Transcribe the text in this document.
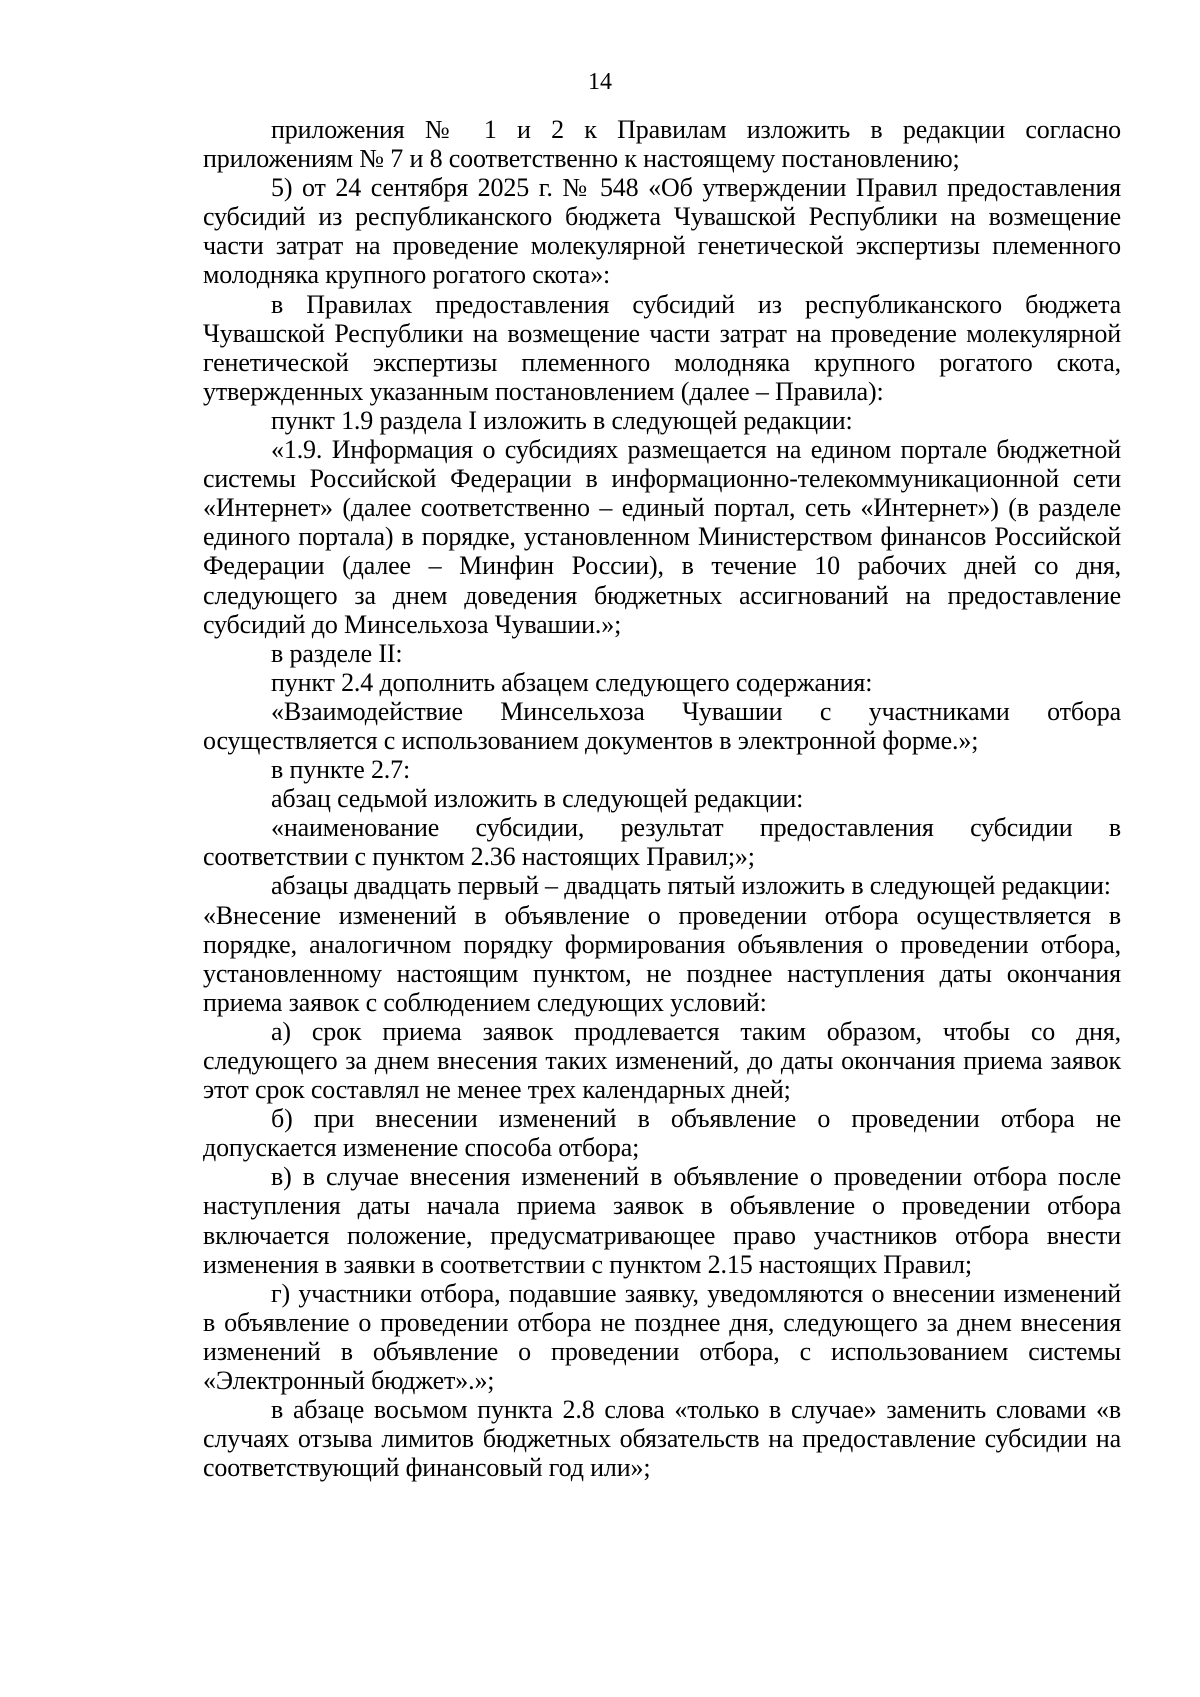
14

приложения № 1 и 2 к Правилам изложить в редакции согласно приложениям № 7 и 8 соответственно к настоящему постановлению;

5) от 24 сентября 2025 г. № 548 «Об утверждении Правил предоставления субсидий из республиканского бюджета Чувашской Республики на возмещение части затрат на проведение молекулярной генетической экспертизы племенного молодняка крупного рогатого скота»:

в Правилах предоставления субсидий из республиканского бюджета Чувашской Республики на возмещение части затрат на проведение молекулярной генетической экспертизы племенного молодняка крупного рогатого скота, утвержденных указанным постановлением (далее – Правила):

пункт 1.9 раздела I изложить в следующей редакции:

«1.9. Информация о субсидиях размещается на едином портале бюджетной системы Российской Федерации в информационно-телекоммуникационной сети «Интернет» (далее соответственно – единый портал, сеть «Интернет») (в разделе единого портала) в порядке, установленном Министерством финансов Российской Федерации (далее – Минфин России), в течение 10 рабочих дней со дня, следующего за днем доведения бюджетных ассигнований на предоставление субсидий до Минсельхоза Чувашии.»;

в разделе II:

пункт 2.4 дополнить абзацем следующего содержания:

«Взаимодействие Минсельхоза Чувашии с участниками отбора осуществляется с использованием документов в электронной форме.»;

в пункте 2.7:

абзац седьмой изложить в следующей редакции:

«наименование субсидии, результат предоставления субсидии в соответствии с пунктом 2.36 настоящих Правил;»;

абзацы двадцать первый – двадцать пятый изложить в следующей редакции:

«Внесение изменений в объявление о проведении отбора осуществляется в порядке, аналогичном порядку формирования объявления о проведении отбора, установленному настоящим пунктом, не позднее наступления даты окончания приема заявок с соблюдением следующих условий:

а) срок приема заявок продлевается таким образом, чтобы со дня, следующего за днем внесения таких изменений, до даты окончания приема заявок этот срок составлял не менее трех календарных дней;

б) при внесении изменений в объявление о проведении отбора не допускается изменение способа отбора;

в) в случае внесения изменений в объявление о проведении отбора после наступления даты начала приема заявок в объявление о проведении отбора включается положение, предусматривающее право участников отбора внести изменения в заявки в соответствии с пунктом 2.15 настоящих Правил;

г) участники отбора, подавшие заявку, уведомляются о внесении изменений в объявление о проведении отбора не позднее дня, следующего за днем внесения изменений в объявление о проведении отбора, с использованием системы «Электронный бюджет».»;

в абзаце восьмом пункта 2.8 слова «только в случае» заменить словами «в случаях отзыва лимитов бюджетных обязательств на предоставление субсидии на соответствующий финансовый год или»;
